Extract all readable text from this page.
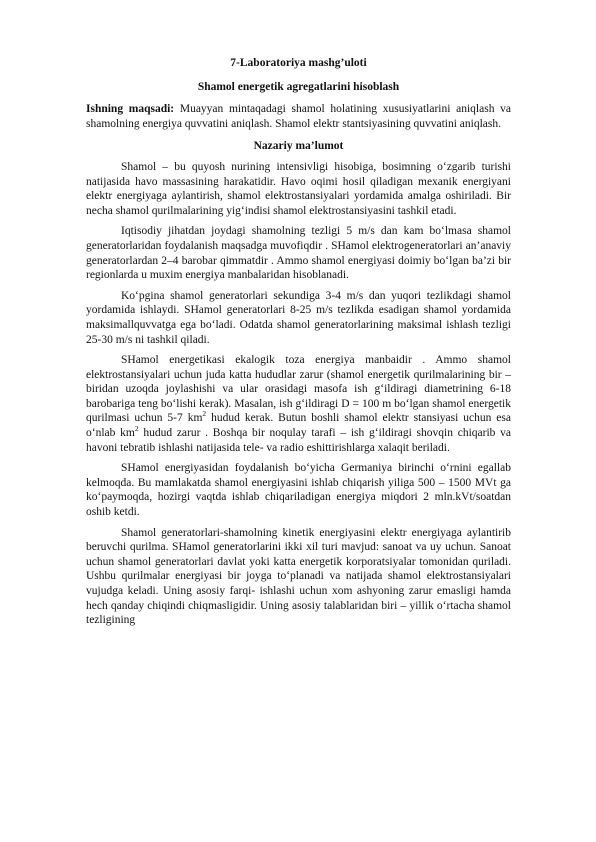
7-Laboratoriya mashg’uloti
Shamol energetik agregatlarini hisoblash

Ishning maqsadi: Muayyan mintaqadagi shamol holatining xususiyatlarini aniqlash va shamolning energiya quvvatini aniqlash. Shamol elektr stantsiyasining quvvatini aniqlash.

Nazariy ma’lumot

Shamol – bu quyosh nurining intensivligi hisobiga, bosimning o‘zgarib turishi natijasida havo massasining harakatidir. Havo oqimi hosil qiladigan mexanik energiyani elektr energiyaga aylantirish, shamol elektrostansiyalari yordamida amalga oshiriladi. Bir necha shamol qurilmalarining yig‘indisi shamol elektrostansiyasini tashkil etadi.

Iqtisodiy jihatdan joydagi shamolning tezligi 5 m/s dan kam bo‘lmasa shamol generatorlaridan foydalanish maqsadga muvofiqdir . SHamol elektrogeneratorlari an’anaviy generatorlardan 2–4 barobar qimmatdir . Ammo shamol energiyasi doimiy bo‘lgan ba’zi bir regionlarda u muxim energiya manbalaridan hisoblanadi.

Ko‘pgina shamol generatorlari sekundiga 3-4 m/s dan yuqori tezlikdagi shamol yordamida ishlaydi. SHamol generatorlari 8-25 m/s tezlikda esadigan shamol yordamida maksimallquvvatga ega bo‘ladi. Odatda shamol generatorlarining maksimal ishlash tezligi 25-30 m/s ni tashkil qiladi.

SHamol energetikasi ekalogik toza energiya manbaidir . Ammo shamol elektrostansiyalari uchun juda katta hududlar zarur (shamol energetik qurilmalarining bir – biridan uzoqda joylashishi va ular orasidagi masofa ish g‘ildiragi diametrining 6-18 barobariga teng bo‘lishi kerak). Masalan, ish g‘ildiragi D = 100 m bo‘lgan shamol energetik qurilmasi uchun 5-7 $km^2$ hudud kerak. Butun boshli shamol elektr stansiyasi uchun esa o‘nlab $km^2$ hudud zarur . Boshqa bir noqulay tarafi – ish g‘ildiragi shovqin chiqarib va havoni tebratib ishlashi natijasida tele- va radio eshittirishlarga xalaqit beriladi.

SHamol energiyasidan foydalanish bo‘yicha Germaniya birinchi o‘rnini egallab kelmoqda. Bu mamlakatda shamol energiyasini ishlab chiqarish yiliga 500 – 1500 MVt ga ko‘paymoqda, hozirgi vaqtda ishlab chiqariladigan energiya miqdori 2 mln.kVt/soatdan oshib ketdi.

Shamol generatorlari-shamolning kinetik energiyasini elektr energiyaga aylantirib beruvchi qurilma. SHamol generatorlarini ikki xil turi mavjud: sanoat va uy uchun. Sanoat uchun shamol generatorlari davlat yoki katta energetik korporatsiyalar tomonidan quriladi. Ushbu qurilmalar energiyasi bir joyga to‘planadi va natijada shamol elektrostansiyalari vujudga keladi. Uning asosiy farqi- ishlashi uchun xom ashyoning zarur emasligi hamda hech qanday chiqindi chiqmasligidir. Uning asosiy talablaridan biri – yillik o‘rtacha shamol tezligining
